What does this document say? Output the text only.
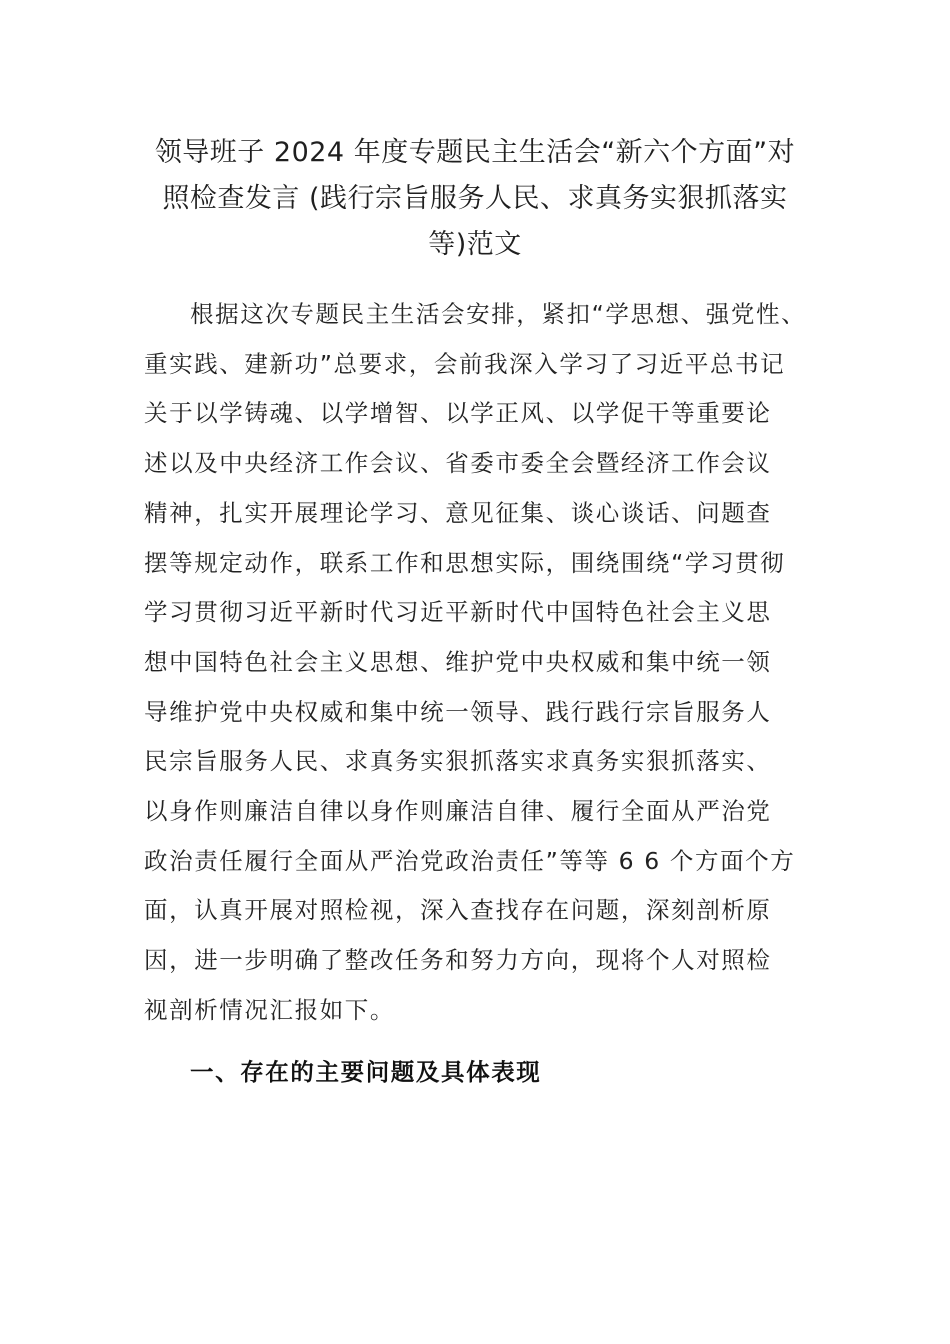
领导班子 2024 年度专题民主生活会“新六个方面”对
照检查发言 (践行宗旨服务人民、求真务实狠抓落实
等)范文
根据这次专题民主生活会安排，紧扣“学思想、强党性、
重实践、建新功”总要求，会前我深入学习了习近平总书记
关于以学铸魂、以学增智、以学正风、以学促干等重要论
述以及中央经济工作会议、省委市委全会暨经济工作会议
精神，扎实开展理论学习、意见征集、谈心谈话、问题查
摆等规定动作，联系工作和思想实际，围绕围绕“学习贯彻
学习贯彻习近平新时代习近平新时代中国特色社会主义思
想中国特色社会主义思想、维护党中央权威和集中统一领
导维护党中央权威和集中统一领导、践行践行宗旨服务人
民宗旨服务人民、求真务实狠抓落实求真务实狠抓落实、
以身作则廉洁自律以身作则廉洁自律、履行全面从严治党
政治责任履行全面从严治党政治责任”等等 6 6 个方面个方
面，认真开展对照检视，深入查找存在问题，深刻剖析原
因，进一步明确了整改任务和努力方向，现将个人对照检
视剖析情况汇报如下。
一、存在的主要问题及具体表现
